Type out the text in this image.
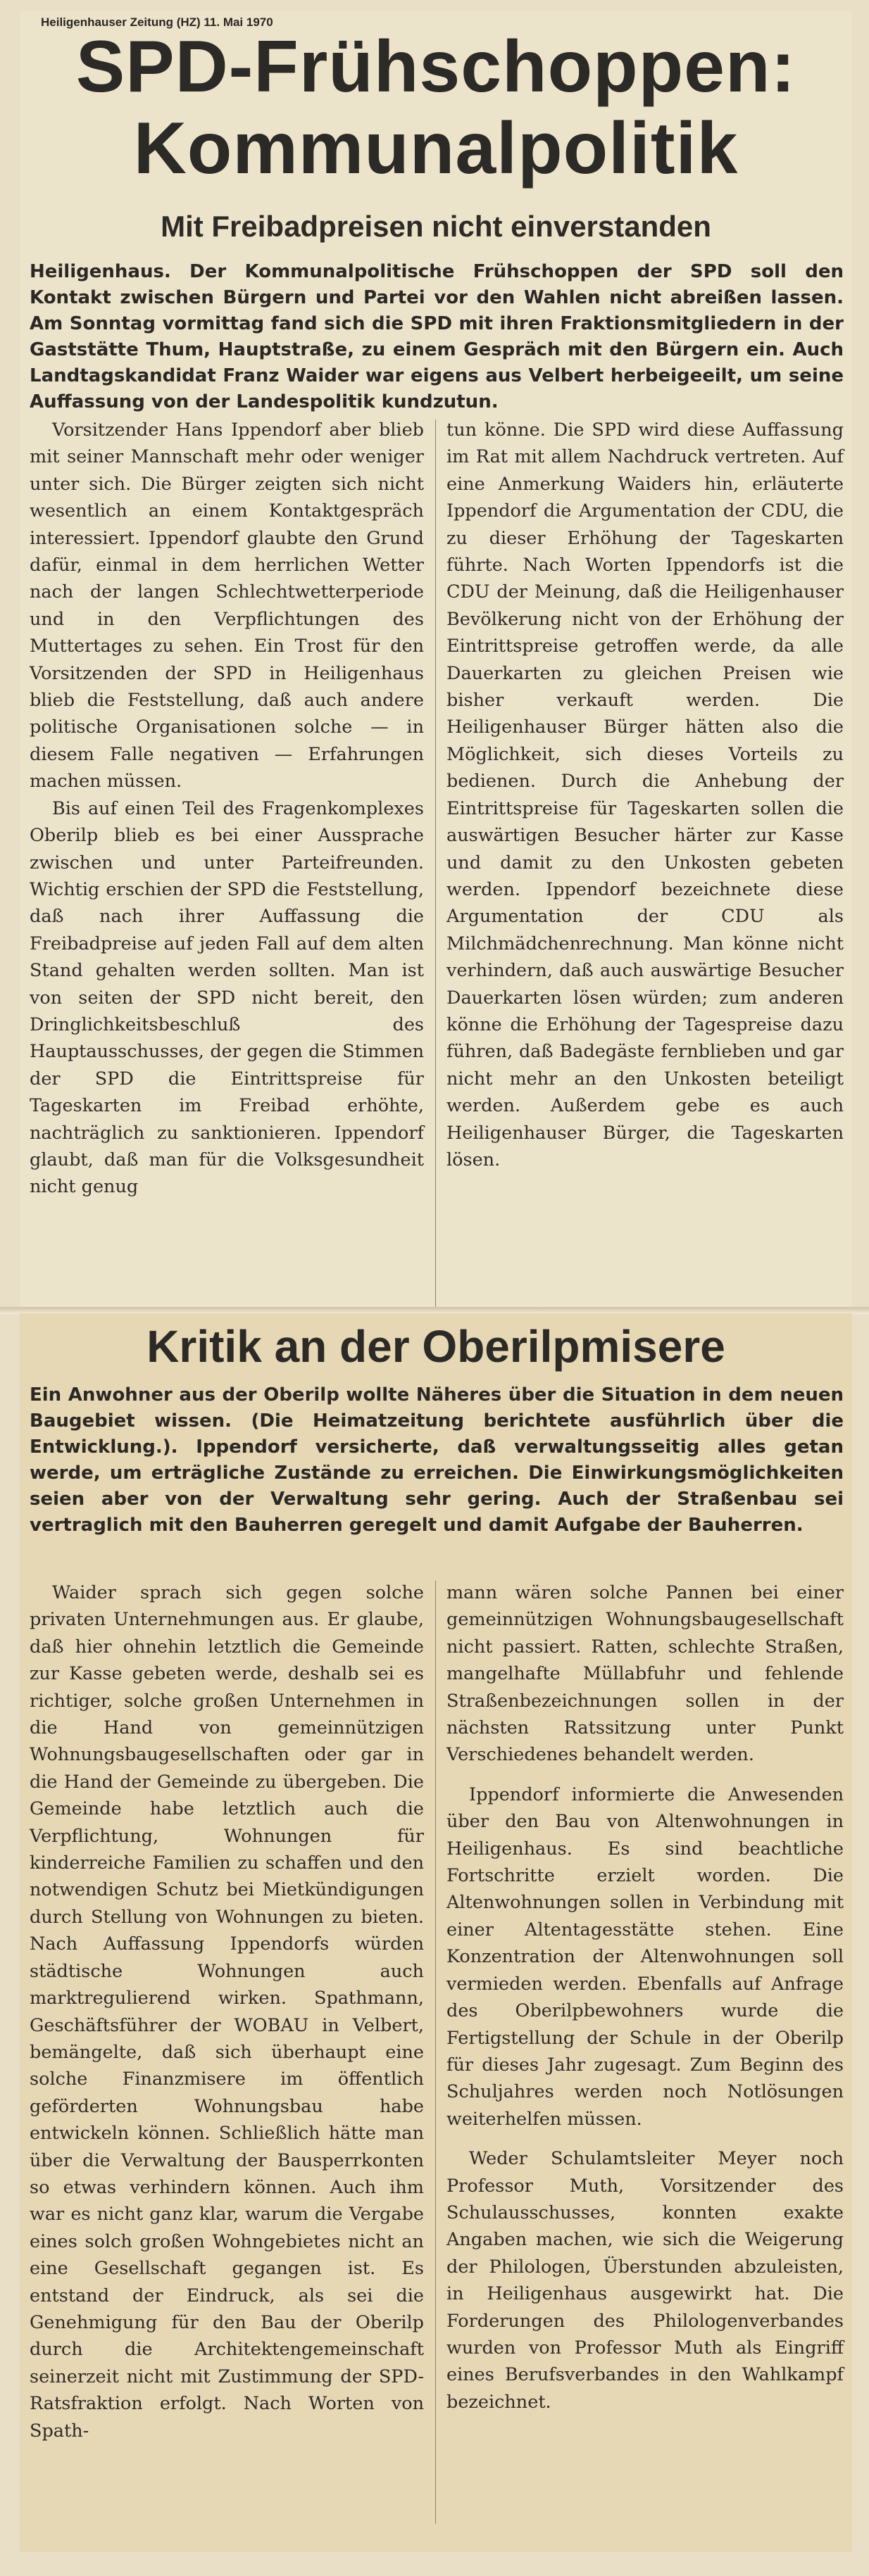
Heiligenhauser Zeitung (HZ) 11. Mai 1970
SPD-Frühschoppen:
Kommunalpolitik
Mit Freibadpreisen nicht einverstanden

Heiligenhaus. Der Kommunalpolitische Frühschoppen der SPD soll den Kontakt zwischen Bürgern und Partei vor den Wahlen nicht abreißen lassen. Am Sonntag vormittag fand sich die SPD mit ihren Fraktionsmitgliedern in der Gaststätte Thum, Hauptstraße, zu einem Gespräch mit den Bürgern ein. Auch Landtagskandidat Franz Waider war eigens aus Velbert herbeigeeilt, um seine Auffassung von der Landespolitik kundzutun.

Vorsitzender Hans Ippendorf aber blieb mit seiner Mannschaft mehr oder weniger unter sich. Die Bürger zeigten sich nicht wesentlich an einem Kontaktgespräch interessiert. Ippendorf glaubte den Grund dafür, einmal in dem herrlichen Wetter nach der langen Schlechtwetterperiode und in den Verpflichtungen des Muttertages zu sehen. Ein Trost für den Vorsitzenden der SPD in Heiligenhaus blieb die Feststellung, daß auch andere politische Organisationen solche — in diesem Falle negativen — Erfahrungen machen müssen.

Bis auf einen Teil des Fragenkomplexes Oberilp blieb es bei einer Aussprache zwischen und unter Parteifreunden. Wichtig erschien der SPD die Feststellung, daß nach ihrer Auffassung die Freibadpreise auf jeden Fall auf dem alten Stand gehalten werden sollten. Man ist von seiten der SPD nicht bereit, den Dringlichkeitsbeschluß des Hauptausschusses, der gegen die Stimmen der SPD die Eintrittspreise für Tageskarten im Freibad erhöhte, nachträglich zu sanktionieren. Ippendorf glaubt, daß man für die Volksgesundheit nicht genug

tun könne. Die SPD wird diese Auffassung im Rat mit allem Nachdruck vertreten. Auf eine Anmerkung Waiders hin, erläuterte Ippendorf die Argumentation der CDU, die zu dieser Erhöhung der Tageskarten führte. Nach Worten Ippendorfs ist die CDU der Meinung, daß die Heiligenhauser Bevölkerung nicht von der Erhöhung der Eintrittspreise getroffen werde, da alle Dauerkarten zu gleichen Preisen wie bisher verkauft werden. Die Heiligenhauser Bürger hätten also die Möglichkeit, sich dieses Vorteils zu bedienen. Durch die Anhebung der Eintrittspreise für Tageskarten sollen die auswärtigen Besucher härter zur Kasse und damit zu den Unkosten gebeten werden. Ippendorf bezeichnete diese Argumentation der CDU als Milchmädchenrechnung. Man könne nicht verhindern, daß auch auswärtige Besucher Dauerkarten lösen würden; zum anderen könne die Erhöhung der Tagespreise dazu führen, daß Badegäste fernblieben und gar nicht mehr an den Unkosten beteiligt werden. Außerdem gebe es auch Heiligenhauser Bürger, die Tageskarten lösen.

Kritik an der Oberilpmisere

Ein Anwohner aus der Oberilp wollte Näheres über die Situation in dem neuen Baugebiet wissen. (Die Heimatzeitung berichtete ausführlich über die Entwicklung.). Ippendorf versicherte, daß verwaltungsseitig alles getan werde, um erträgliche Zustände zu erreichen. Die Einwirkungsmöglichkeiten seien aber von der Verwaltung sehr gering. Auch der Straßenbau sei vertraglich mit den Bauherren geregelt und damit Aufgabe der Bauherren.

Waider sprach sich gegen solche privaten Unternehmungen aus. Er glaube, daß hier ohnehin letztlich die Gemeinde zur Kasse gebeten werde, deshalb sei es richtiger, solche großen Unternehmen in die Hand von gemeinnützigen Wohnungsbaugesellschaften oder gar in die Hand der Gemeinde zu übergeben. Die Gemeinde habe letztlich auch die Verpflichtung, Wohnungen für kinderreiche Familien zu schaffen und den notwendigen Schutz bei Mietkündigungen durch Stellung von Wohnungen zu bieten. Nach Auffassung Ippendorfs würden städtische Wohnungen auch marktregulierend wirken. Spathmann, Geschäftsführer der WOBAU in Velbert, bemängelte, daß sich überhaupt eine solche Finanzmisere im öffentlich geförderten Wohnungsbau habe entwickeln können. Schließlich hätte man über die Verwaltung der Bausperrkonten so etwas verhindern können. Auch ihm war es nicht ganz klar, warum die Vergabe eines solch großen Wohngebietes nicht an eine Gesellschaft gegangen ist. Es entstand der Eindruck, als sei die Genehmigung für den Bau der Oberilp durch die Architektengemeinschaft seinerzeit nicht mit Zustimmung der SPD-Ratsfraktion erfolgt. Nach Worten von Spath-

mann wären solche Pannen bei einer gemeinnützigen Wohnungsbaugesellschaft nicht passiert. Ratten, schlechte Straßen, mangelhafte Müllabfuhr und fehlende Straßenbezeichnungen sollen in der nächsten Ratssitzung unter Punkt Verschiedenes behandelt werden.

Ippendorf informierte die Anwesenden über den Bau von Altenwohnungen in Heiligenhaus. Es sind beachtliche Fortschritte erzielt worden. Die Altenwohnungen sollen in Verbindung mit einer Altentagesstätte stehen. Eine Konzentration der Altenwohnungen soll vermieden werden. Ebenfalls auf Anfrage des Oberilpbewohners wurde die Fertigstellung der Schule in der Oberilp für dieses Jahr zugesagt. Zum Beginn des Schuljahres werden noch Notlösungen weiterhelfen müssen.

Weder Schulamtsleiter Meyer noch Professor Muth, Vorsitzender des Schulausschusses, konnten exakte Angaben machen, wie sich die Weigerung der Philologen, Überstunden abzuleisten, in Heiligenhaus ausgewirkt hat. Die Forderungen des Philologenverbandes wurden von Professor Muth als Eingriff eines Berufsverbandes in den Wahlkampf bezeichnet.
